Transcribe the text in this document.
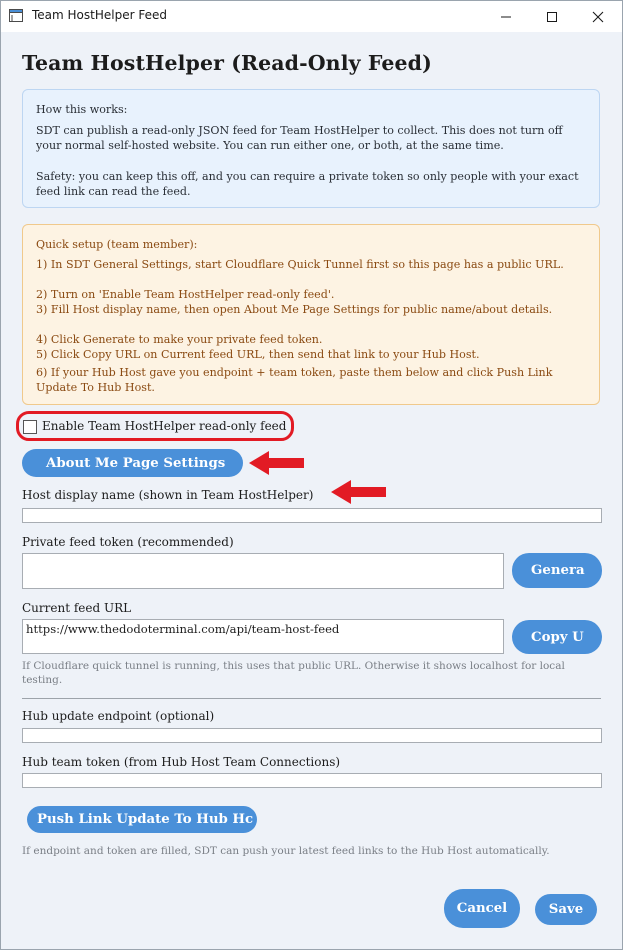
Team HostHelper Feed
Team HostHelper (Read-Only Feed)
How this works:
SDT can publish a read-only JSON feed for Team HostHelper to collect. This does not turn off your normal self-hosted website. You can run either one, or both, at the same time.
Safety: you can keep this off, and you can require a private token so only people with your exact feed link can read the feed.
Quick setup (team member):
1) In SDT General Settings, start Cloudflare Quick Tunnel first so this page has a public URL.
2) Turn on 'Enable Team HostHelper read-only feed'.
3) Fill Host display name, then open About Me Page Settings for public name/about details.
4) Click Generate to make your private feed token.
5) Click Copy URL on Current feed URL, then send that link to your Hub Host.
6) If your Hub Host gave you endpoint + team token, paste them below and click Push Link Update To Hub Host.
Enable Team HostHelper read-only feed
About Me Page Settings
Host display name (shown in Team HostHelper)
Private feed token (recommended)
Genera
Current feed URL
https://www.thedodoterminal.com/api/team-host-feed
Copy U
If Cloudflare quick tunnel is running, this uses that public URL. Otherwise it shows localhost for local testing.
Hub update endpoint (optional)
Hub team token (from Hub Host Team Connections)
Push Link Update To Hub Hc
If endpoint and token are filled, SDT can push your latest feed links to the Hub Host automatically.
Cancel	Save
